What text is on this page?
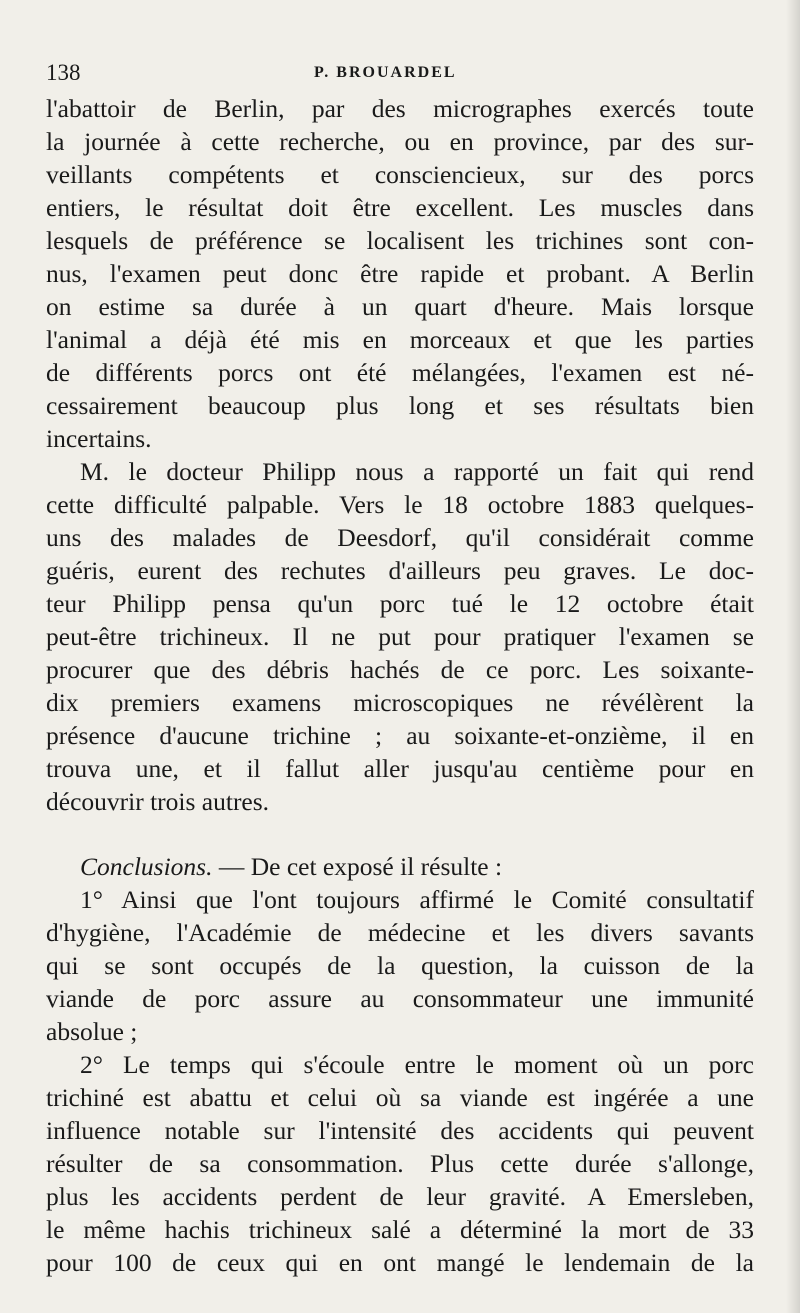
138	P. BROUARDEL
l'abattoir de Berlin, par des micrographes exercés toute
la journée à cette recherche, ou en province, par des sur-
veillants compétents et consciencieux, sur des porcs
entiers, le résultat doit être excellent. Les muscles dans
lesquels de préférence se localisent les trichines sont con-
nus, l'examen peut donc être rapide et probant. A Berlin
on estime sa durée à un quart d'heure. Mais lorsque
l'animal a déjà été mis en morceaux et que les parties
de différents porcs ont été mélangées, l'examen est né-
cessairement beaucoup plus long et ses résultats bien
incertains.
M. le docteur Philipp nous a rapporté un fait qui rend
cette difficulté palpable. Vers le 18 octobre 1883 quelques-
uns des malades de Deesdorf, qu'il considérait comme
guéris, eurent des rechutes d'ailleurs peu graves. Le doc-
teur Philipp pensa qu'un porc tué le 12 octobre était
peut-être trichineux. Il ne put pour pratiquer l'examen se
procurer que des débris hachés de ce porc. Les soixante-
dix premiers examens microscopiques ne révélèrent la
présence d'aucune trichine ; au soixante-et-onzième, il en
trouva une, et il fallut aller jusqu'au centième pour en
découvrir trois autres.
Conclusions. — De cet exposé il résulte :
1° Ainsi que l'ont toujours affirmé le Comité consultatif
d'hygiène, l'Académie de médecine et les divers savants
qui se sont occupés de la question, la cuisson de la
viande de porc assure au consommateur une immunité
absolue ;
2° Le temps qui s'écoule entre le moment où un porc
trichiné est abattu et celui où sa viande est ingérée a une
influence notable sur l'intensité des accidents qui peuvent
résulter de sa consommation. Plus cette durée s'allonge,
plus les accidents perdent de leur gravité. A Emersleben,
le même hachis trichineux salé a déterminé la mort de 33
pour 100 de ceux qui en ont mangé le lendemain de la
